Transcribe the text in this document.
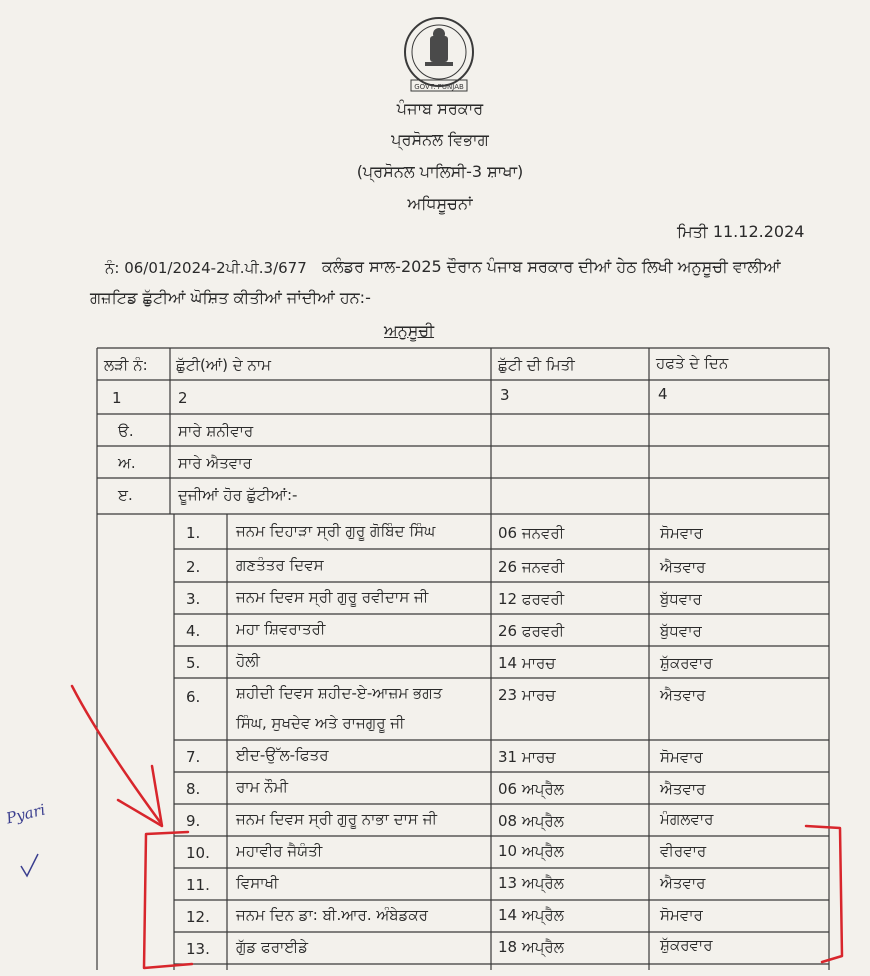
GOVT. PUNJAB
ਪੰਜਾਬ ਸਰਕਾਰ
ਪ੍ਰਸੋਨਲ ਵਿਭਾਗ
(ਪ੍ਰਸੋਨਲ ਪਾਲਿਸੀ-3 ਸ਼ਾਖਾ)
ਅਧਿਸੂਚਨਾਂ
ਮਿਤੀ 11.12.2024
ਨੰ: 06/01/2024-2ਪੀ.ਪੀ.3/677 ਕਲੰਡਰ ਸਾਲ-2025 ਦੌਰਾਨ ਪੰਜਾਬ ਸਰਕਾਰ ਦੀਆਂ ਹੇਠ ਲਿਖੀ ਅਨੁਸੂਚੀ ਵਾਲੀਆਂ
ਗਜ਼ਟਿਡ ਛੁੱਟੀਆਂ ਘੋਸ਼ਿਤ ਕੀਤੀਆਂ ਜਾਂਦੀਆਂ ਹਨ:-
ਅਨੁਸੂਚੀ
ਲੜੀ ਨੰ: ਛੁੱਟੀ(ਆਂ) ਦੇ ਨਾਮ	ਛੁੱਟੀ ਦੀ ਮਿਤੀ	ਹਫਤੇ ਦੇ ਦਿਨ
1	2	3	4
ੳ.	ਸਾਰੇ ਸ਼ਨੀਵਾਰ
ਅ.	ਸਾਰੇ ਐਤਵਾਰ
ੲ.	ਦੂਜੀਆਂ ਹੋਰ ਛੁੱਟੀਆਂ:-
1. ਜਨਮ ਦਿਹਾੜਾ ਸ੍ਰੀ ਗੁਰੂ ਗੋਬਿੰਦ ਸਿੰਘ	06 ਜਨਵਰੀ	ਸੋਮਵਾਰ
2. ਗਣਤੰਤਰ ਦਿਵਸ	26 ਜਨਵਰੀ	ਐਤਵਾਰ
3. ਜਨਮ ਦਿਵਸ ਸ੍ਰੀ ਗੁਰੂ ਰਵੀਦਾਸ ਜੀ	12 ਫਰਵਰੀ	ਬੁੱਧਵਾਰ
4. ਮਹਾ ਸ਼ਿਵਰਾਤਰੀ	26 ਫਰਵਰੀ	ਬੁੱਧਵਾਰ
5. ਹੋਲੀ	14 ਮਾਰਚ	ਸ਼ੁੱਕਰਵਾਰ
6. ਸ਼ਹੀਦੀ ਦਿਵਸ ਸ਼ਹੀਦ-ਏ-ਆਜ਼ਮ ਭਗਤ
ਸਿੰਘ, ਸੁਖਦੇਵ ਅਤੇ ਰਾਜਗੁਰੂ ਜੀ
23 ਮਾਰਚ	ਐਤਵਾਰ
7. ਈਦ-ਉੱਲ-ਫਿਤਰ	31 ਮਾਰਚ	ਸੋਮਵਾਰ
8. ਰਾਮ ਨੌਮੀ	06 ਅਪ੍ਰੈਲ	ਐਤਵਾਰ
9. ਜਨਮ ਦਿਵਸ ਸ੍ਰੀ ਗੁਰੂ ਨਾਭਾ ਦਾਸ ਜੀ	08 ਅਪ੍ਰੈਲ	ਮੰਗਲਵਾਰ
10. ਮਹਾਵੀਰ ਜੈਯੰਤੀ	10 ਅਪ੍ਰੈਲ	ਵੀਰਵਾਰ
11. ਵਿਸਾਖੀ	13 ਅਪ੍ਰੈਲ	ਐਤਵਾਰ
12. ਜਨਮ ਦਿਨ ਡਾ: ਬੀ.ਆਰ. ਅੰਬੇਡਕਰ	14 ਅਪ੍ਰੈਲ	ਸੋਮਵਾਰ
13. ਗੁੱਡ ਫਰਾਈਡੇ	18 ਅਪ੍ਰੈਲ	ਸ਼ੁੱਕਰਵਾਰ
Pyari
